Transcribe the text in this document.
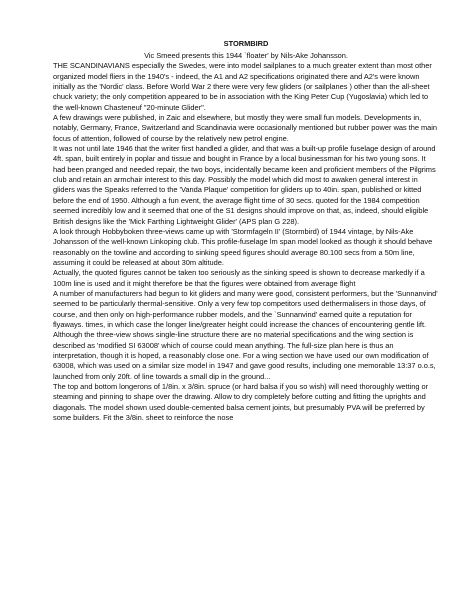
STORMBIRD
Vic Smeed presents this 1944 `floater' by Nils-Ake Johansson.

THE SCANDINAVIANS especially the Swedes, were into model sailplanes to a much greater extent than most other organized model fliers in the 1940's - indeed, the A1 and A2 specifications originated there and A2's were known initially as the 'Nordic' class. Before World War 2 there were very few gliders (or sailplanes ) other than the all-sheet chuck variety; the only competition appeared to be in association with the King Peter Cup (Yugoslavia) which led to the well-known Chasteneuf "20-minute Glider".

A few drawings were published, in Zaic and elsewhere, but mostly they were small fun models. Developments in, notably, Germany, France, Switzerland and Scandinavia were occasionally mentioned but rubber power was the main focus of attention, followed of course by the relatively new petrol engine.

It was not until late 1946 that the writer first handled a glider, and that was a built-up profile fuselage design of around 4ft. span, built entirely in poplar and tissue and bought in France by a local businessman for his two young sons. It had been pranged and needed repair, the two boys, incidentally became keen and proficient members of the Pilgrims club and retain an armchair interest to this day. Possibly the model which did most to awaken general interest in gliders was the Speaks referred to the 'Vanda Plaque' competition for gliders up to 40in. span, published or kitted before the end of 1950. Although a fun event, the average flight time of 30 secs. quoted for the 1984 competition seemed incredibly low and it seemed that one of the S1 designs should improve on that, as, indeed, should eligible British designs like the 'Mick Farthing Lightweight Glider' (APS plan G 228).

A look through Hobbyboken three-views came up with 'Stormfageln II' (Stormbird) of 1944 vintage, by Nils-Ake Johansson of the well-known Linkoping club. This profile-fuselage lm span model looked as though it should behave reasonably on the towline and according to sinking speed figures should average 80.100 secs from a 50m line, assuming it could be released at about 30m altitude.

Actually, the quoted figures cannot be taken too seriously as the sinking speed is shown to decrease markedly if a 100m line is used and it might therefore be that the figures were obtained from average flight

A number of manufacturers had begun to kit gliders and many were good, consistent performers, but the 'Sunnanvind' seemed to be particularly thermal-sensitive. Only a very few top competitors used dethermalisers in those days, of course, and then only on high-performance rubber models, and the `Sunnanvind' earned quite a reputation for flyaways. times, in which case the longer line/greater height could increase the chances of encountering gentle lift.

Although the three-view shows single-line structure there are no material specifications and the wing section is described as 'modified SI 63008' which of course could mean anything. The full-size plan here is thus an interpretation, though it is hoped, a reasonably close one. For a wing section we have used our own modification of 63008, which was used on a similar size model in 1947 and gave good results, including one memorable 13:37 o.o.s, launched from only 20ft. of line towards a small dip in the ground...

The top and bottom longerons of 1/8in. x 3/8in. spruce (or hard balsa if you so wish) will need thoroughly wetting or steaming and pinning to shape over the drawing. Allow to dry completely before cutting and fitting the uprights and diagonals. The model shown used double-cemented balsa cement joints, but presumably PVA will be preferred by some builders. Fit the 3/8in. sheet to reinforce the nose
